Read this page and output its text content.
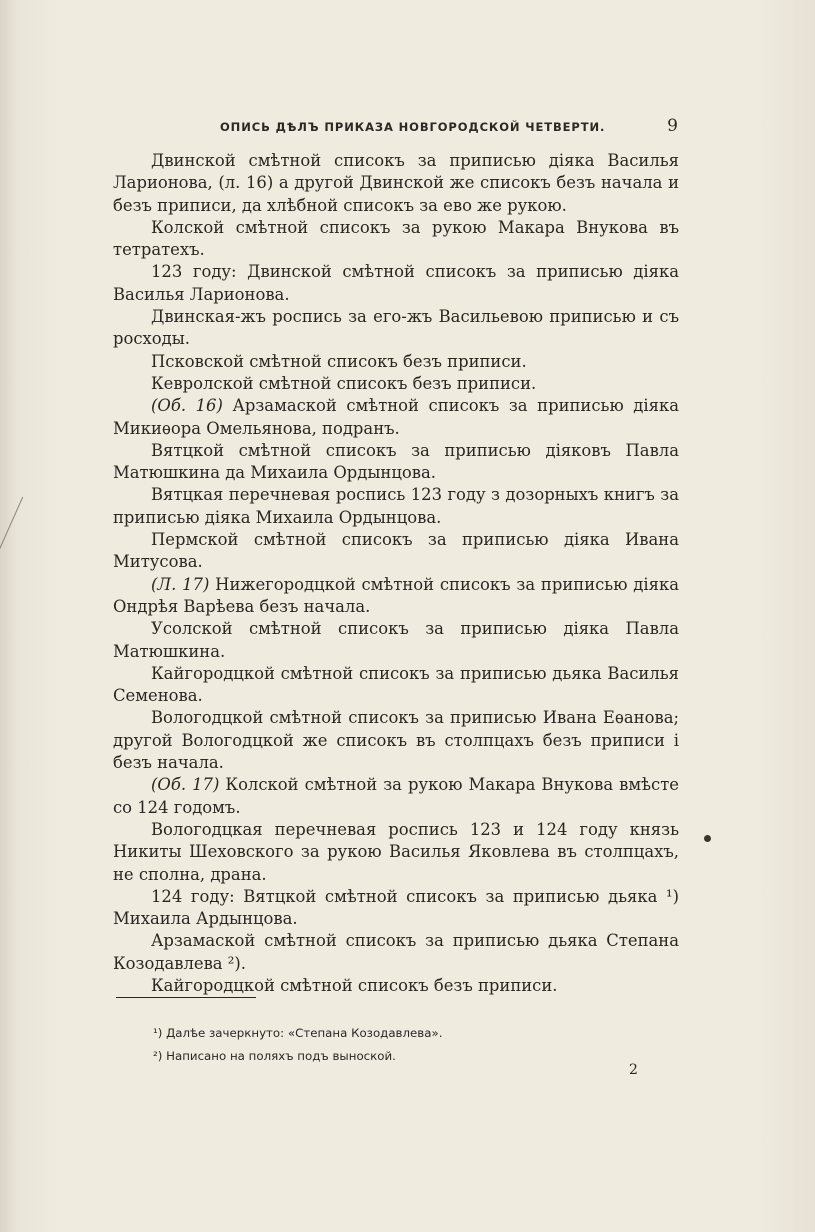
ОПИСЬ ДѢЛЪ ПРИКАЗА НОВГОРОДСКОЙ ЧЕТВЕРТИ.	9

Двинской смѣтной списокъ за приписью діяка Василья Ларионова, (л. 16) а другой Двинской же списокъ безъ начала и безъ приписи, да хлѣбной списокъ за ево же рукою.

Колской смѣтной списокъ за рукою Макара Внукова въ тетратехъ.

123 году: Двинской смѣтной списокъ за приписью діяка Василья Ларионова.

Двинская-жъ роспись за его-жъ Васильевою приписью и съ росходы.

Псковской смѣтной списокъ безъ приписи.

Кевролской смѣтной списокъ безъ приписи.

(Об. 16) Арзамаской смѣтной списокъ за приписью діяка Микиѳора Омельянова, подранъ.

Вятцкой смѣтной списокъ за приписью діяковъ Павла Матюшкина да Михаила Ордынцова.

Вятцкая перечневая роспись 123 году з дозорныхъ книгъ за приписью діяка Михаила Ордынцова.

Пермской смѣтной списокъ за приписью діяка Ивана Митусова.

(Л. 17) Нижегородцкой смѣтной списокъ за приписью діяка Ондрѣя Варѣева безъ начала.

Усолской смѣтной списокъ за приписью діяка Павла Матюшкина.

Кайгородцкой смѣтной списокъ за приписью дьяка Василья Семенова.

Вологодцкой смѣтной списокъ за приписью Ивана Еѳанова; другой Вологодцкой же списокъ въ столпцахъ безъ приписи і безъ начала.

(Об. 17) Колской смѣтной за рукою Макара Внукова вмѣсте со 124 годомъ.

Вологодцкая перечневая роспись 123 и 124 году князь Никиты Шеховского за рукою Василья Яковлева въ столпцахъ, не сполна, драна.

124 году: Вятцкой смѣтной списокъ за приписью дьяка ¹) Михаила Ардынцова.

Арзамаской смѣтной списокъ за приписью дьяка Степана Козодавлева ²).

Кайгородцкой смѣтной списокъ безъ приписи.

¹) Далѣе зачеркнуто: «Степана Козодавлева».

²) Написано на поляхъ подъ выноской.

2
